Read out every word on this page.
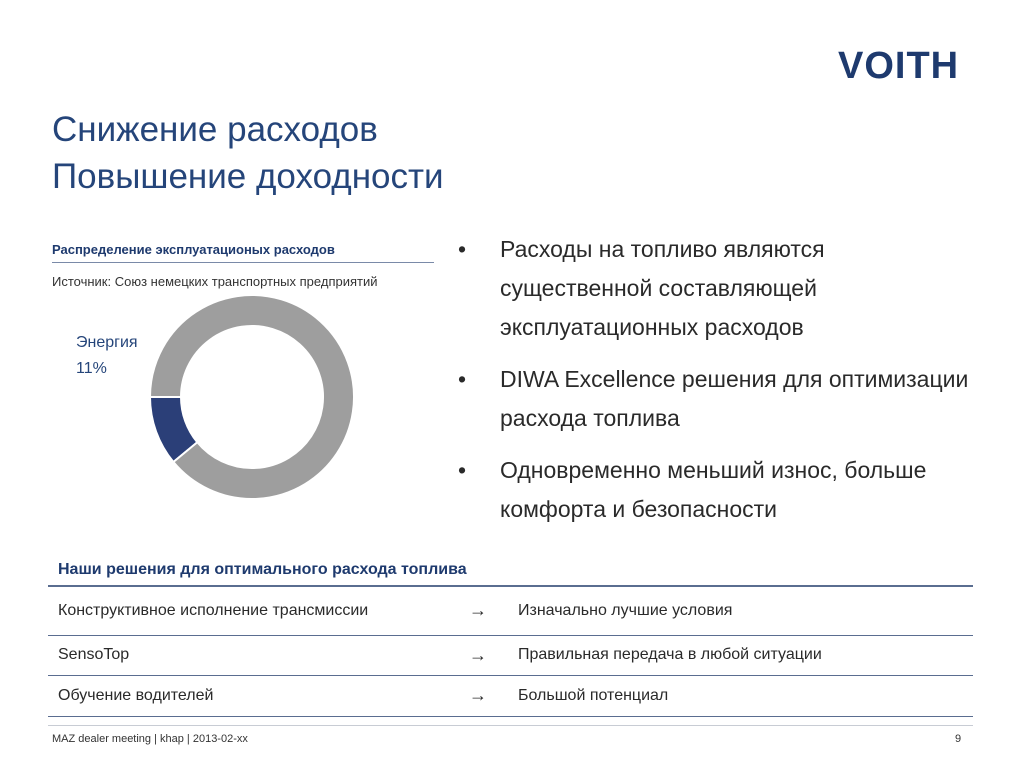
VOITH
Снижение расходов
Повышение доходности
Распределение эксплуатационых расходов
Источник: Союз немецких транспортных предприятий
Энергия
11%
• Расходы на топливо являются существенной составляющей эксплуатационных расходов
• DIWA Excellence решения для оптимизации расхода топлива
• Одновременно меньший износ, больше комфорта и безопасности
Наши решения для оптимального расхода топлива		
Конструктивное исполнение трансмиссии	→	Изначально лучшие условия
SensoTop	→	Правильная передача в любой ситуации
Обучение водителей	→	Большой потенциал
MAZ dealer meeting | khap | 2013-02-xx	9
